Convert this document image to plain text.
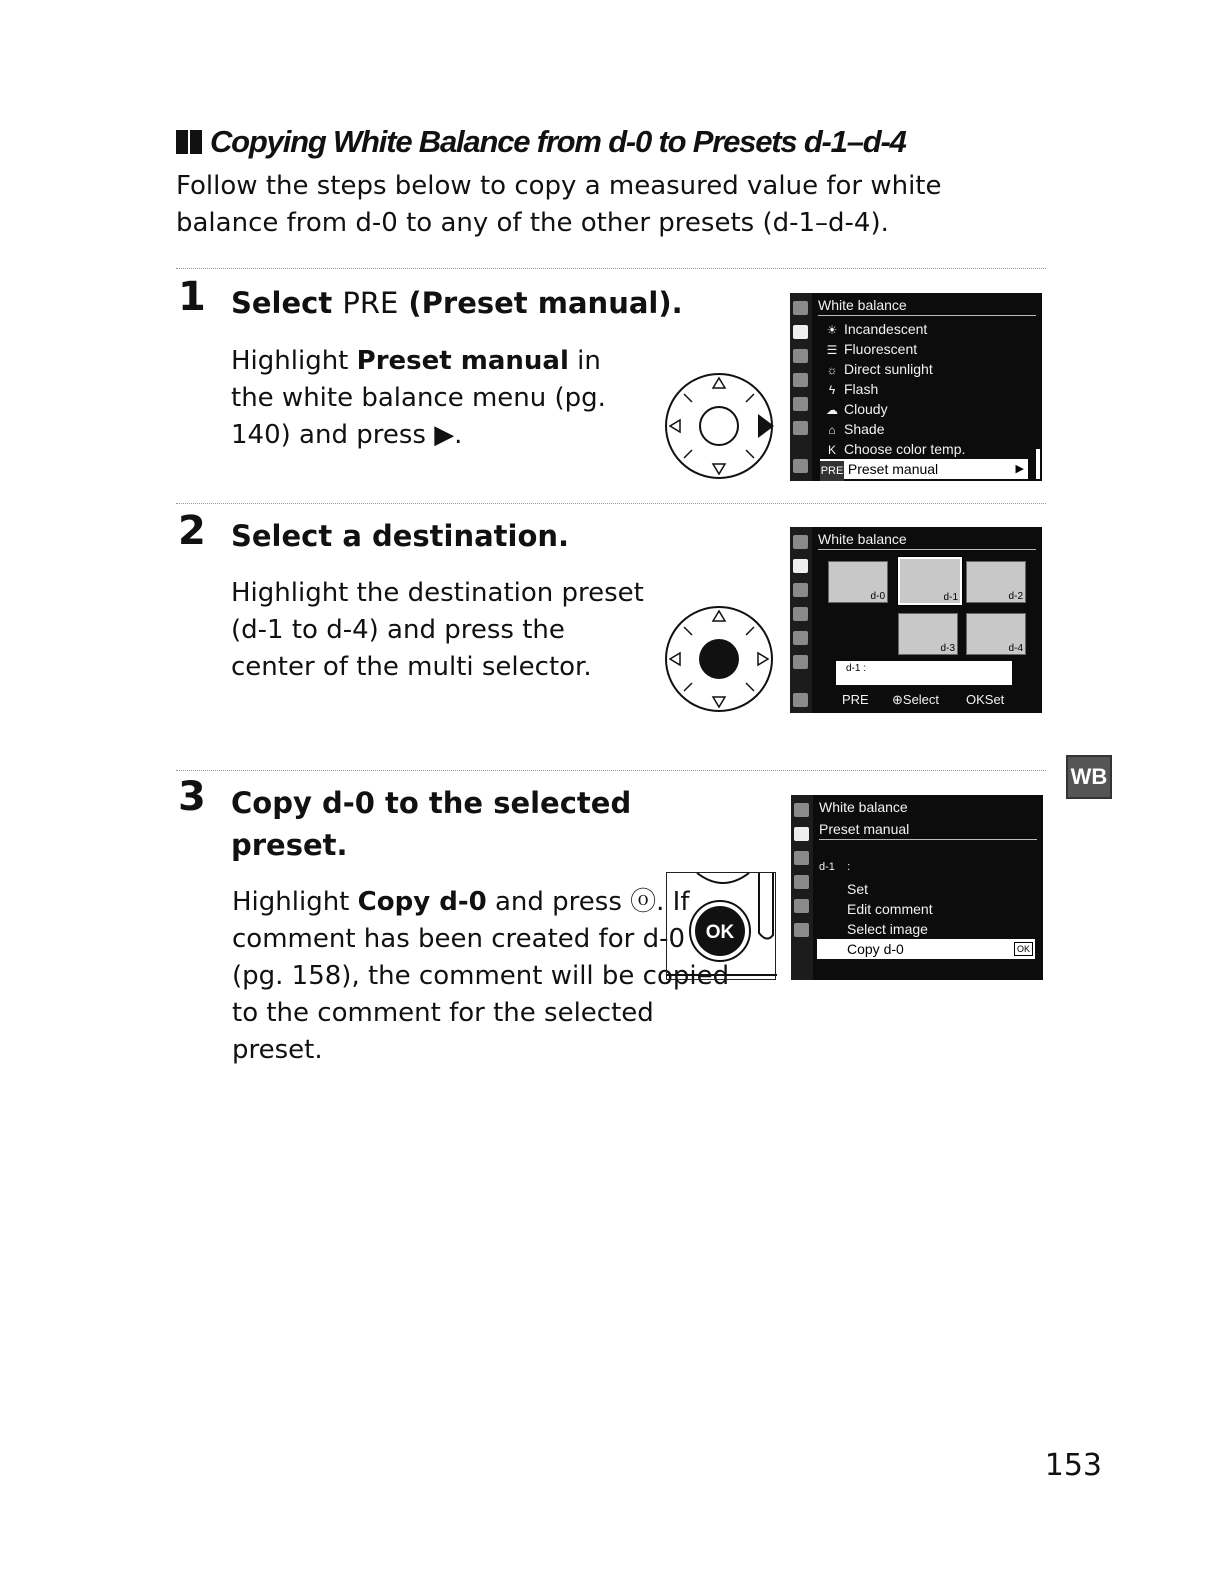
Copying White Balance from d-0 to Presets d-1–d-4
Follow the steps below to copy a measured value for white balance from d-0 to any of the other presets (d-1–d-4).
1 Select PRE (Preset manual).
Highlight Preset manual in the white balance menu (pg. 140) and press ▶.
White balance
☀ Incandescent
☰ Fluorescent
☼ Direct sunlight
ϟ Flash
☁ Cloudy
⌂ Shade
K Choose color temp.
PRE Preset manual	▶
2 Select a destination.
Highlight the destination preset (d-1 to d-4) and press the center of the multi selector.
White balance
d-0	d-1	d-2
d-3	d-4
d-1 :
PRE ⊕Select OKSet
WB
3 Copy d-0 to the selected
preset.
Highlight Copy d-0 and press ⓞ. If comment has been created for d-0 (pg. 158), the comment will be copied to the comment for the selected preset.
OK
White balance
Preset manual
d-1    :
Set
Edit comment
Select image
Copy d-0	OK
153
